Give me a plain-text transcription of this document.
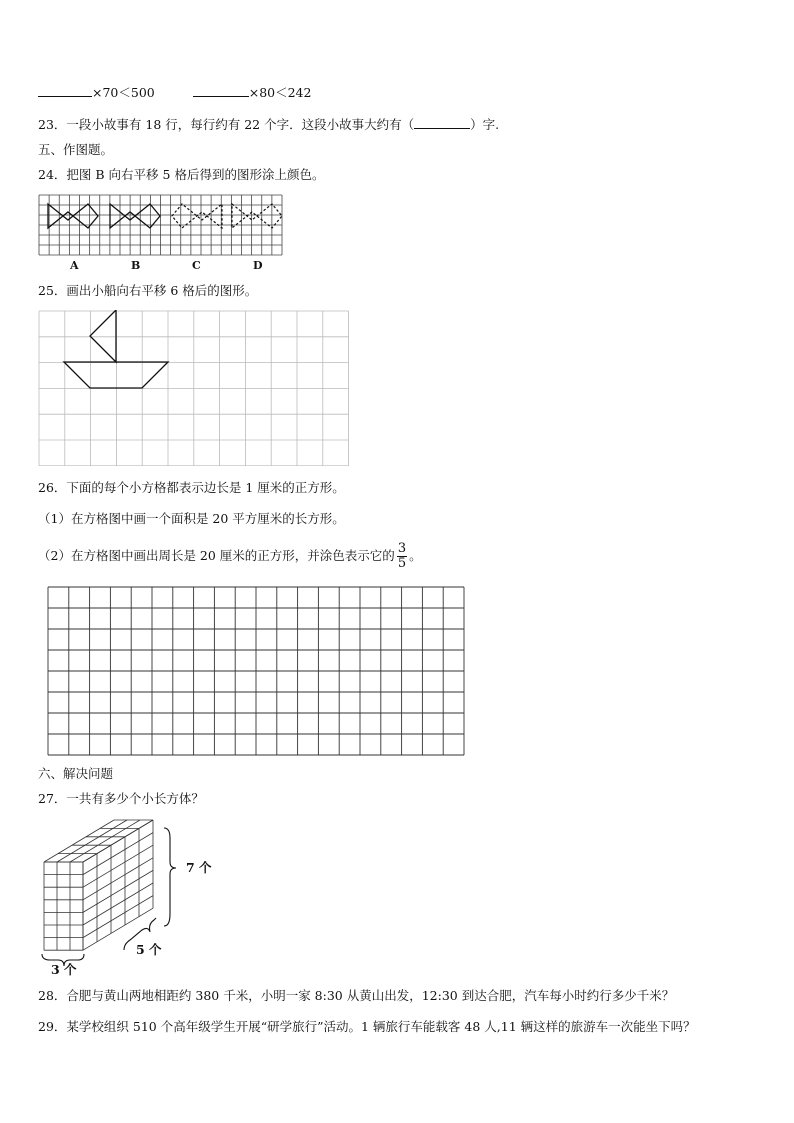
×70＜500	×80＜242
23．一段小故事有 18 行，每行约有 22 个字．这段小故事大约有（	）字.
五、作图题。
24．把图 B 向右平移 5 格后得到的图形涂上颜色。
A	B	C	D
25．画出小船向右平移 6 格后的图形。
26．下面的每个小方格都表示边长是 1 厘米的正方形。
（1）在方格图中画一个面积是 20 平方厘米的长方形。
（2）在方格图中画出周长是 20 厘米的正方形，并涂色表示它的 $\frac{3}{5}$ 。
六、解决问题
27．一共有多少个小长方体？
7 个
5 个
3 个
28．合肥与黄山两地相距约 380 千米，小明一家 8:30 从黄山出发，12:30 到达合肥，汽车每小时约行多少千米？
29．某学校组织 510 个高年级学生开展“研学旅行”活动。1 辆旅行车能载客 48 人,11 辆这样的旅游车一次能坐下吗？
